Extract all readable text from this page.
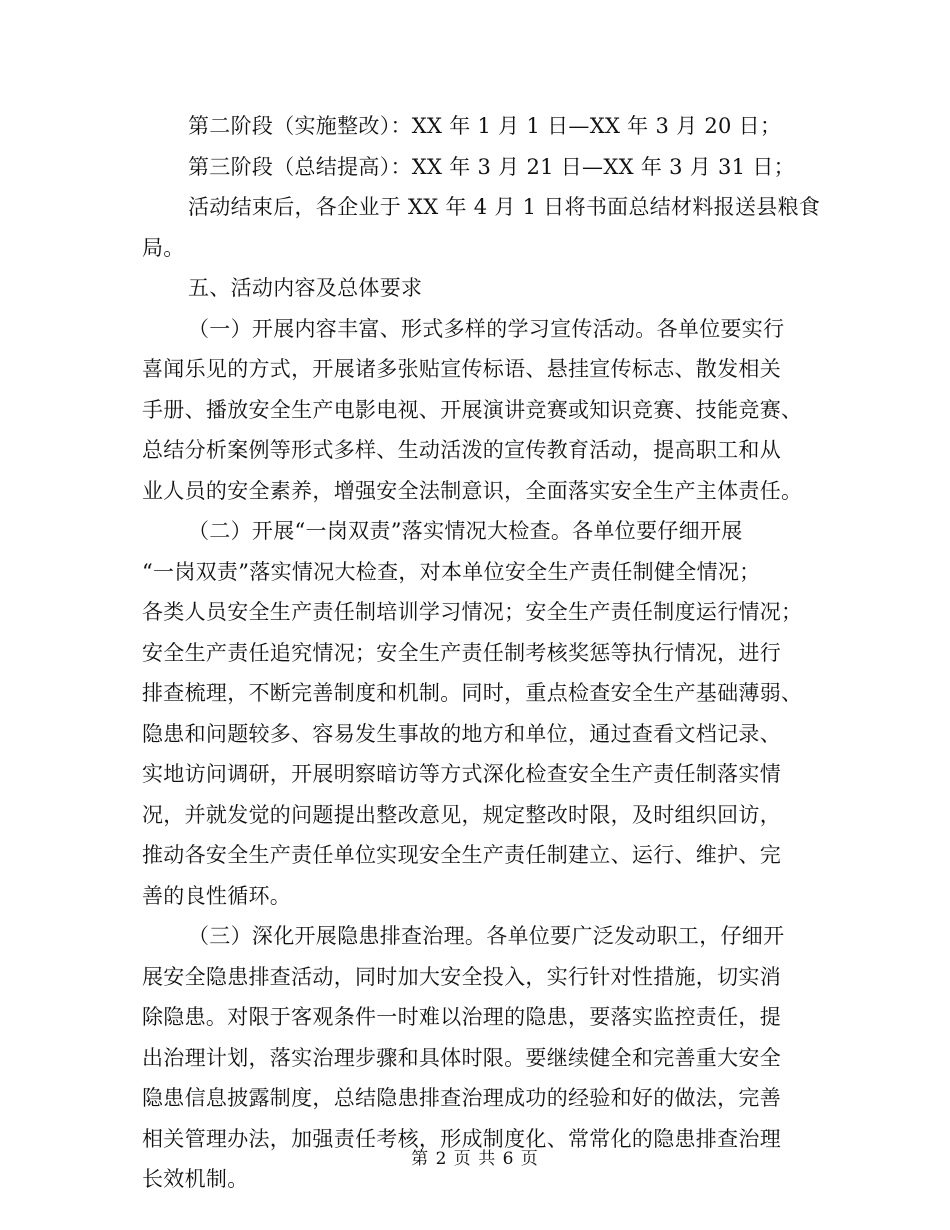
第二阶段（实施整改）：XX 年 1 月 1 日—XX 年 3 月 20 日；
第三阶段（总结提高）：XX 年 3 月 21 日—XX 年 3 月 31 日；
活动结束后，各企业于 XX 年 4 月 1 日将书面总结材料报送县粮食
局。
五、活动内容及总体要求
（一）开展内容丰富、形式多样的学习宣传活动。各单位要实行
喜闻乐见的方式，开展诸多张贴宣传标语、悬挂宣传标志、散发相关
手册、播放安全生产电影电视、开展演讲竞赛或知识竞赛、技能竞赛、
总结分析案例等形式多样、生动活泼的宣传教育活动，提高职工和从
业人员的安全素养，增强安全法制意识，全面落实安全生产主体责任。
（二）开展“一岗双责”落实情况大检查。各单位要仔细开展
“一岗双责”落实情况大检查，对本单位安全生产责任制健全情况；
各类人员安全生产责任制培训学习情况；安全生产责任制度运行情况；
安全生产责任追究情况；安全生产责任制考核奖惩等执行情况，进行
排查梳理，不断完善制度和机制。同时，重点检查安全生产基础薄弱、
隐患和问题较多、容易发生事故的地方和单位，通过查看文档记录、
实地访问调研，开展明察暗访等方式深化检查安全生产责任制落实情
况，并就发觉的问题提出整改意见，规定整改时限，及时组织回访，
推动各安全生产责任单位实现安全生产责任制建立、运行、维护、完
善的良性循环。
（三）深化开展隐患排查治理。各单位要广泛发动职工，仔细开
展安全隐患排查活动，同时加大安全投入，实行针对性措施，切实消
除隐患。对限于客观条件一时难以治理的隐患，要落实监控责任，提
出治理计划，落实治理步骤和具体时限。要继续健全和完善重大安全
隐患信息披露制度，总结隐患排查治理成功的经验和好的做法，完善
相关管理办法，加强责任考核，形成制度化、常常化的隐患排查治理
长效机制。
第 2 页 共 6 页
